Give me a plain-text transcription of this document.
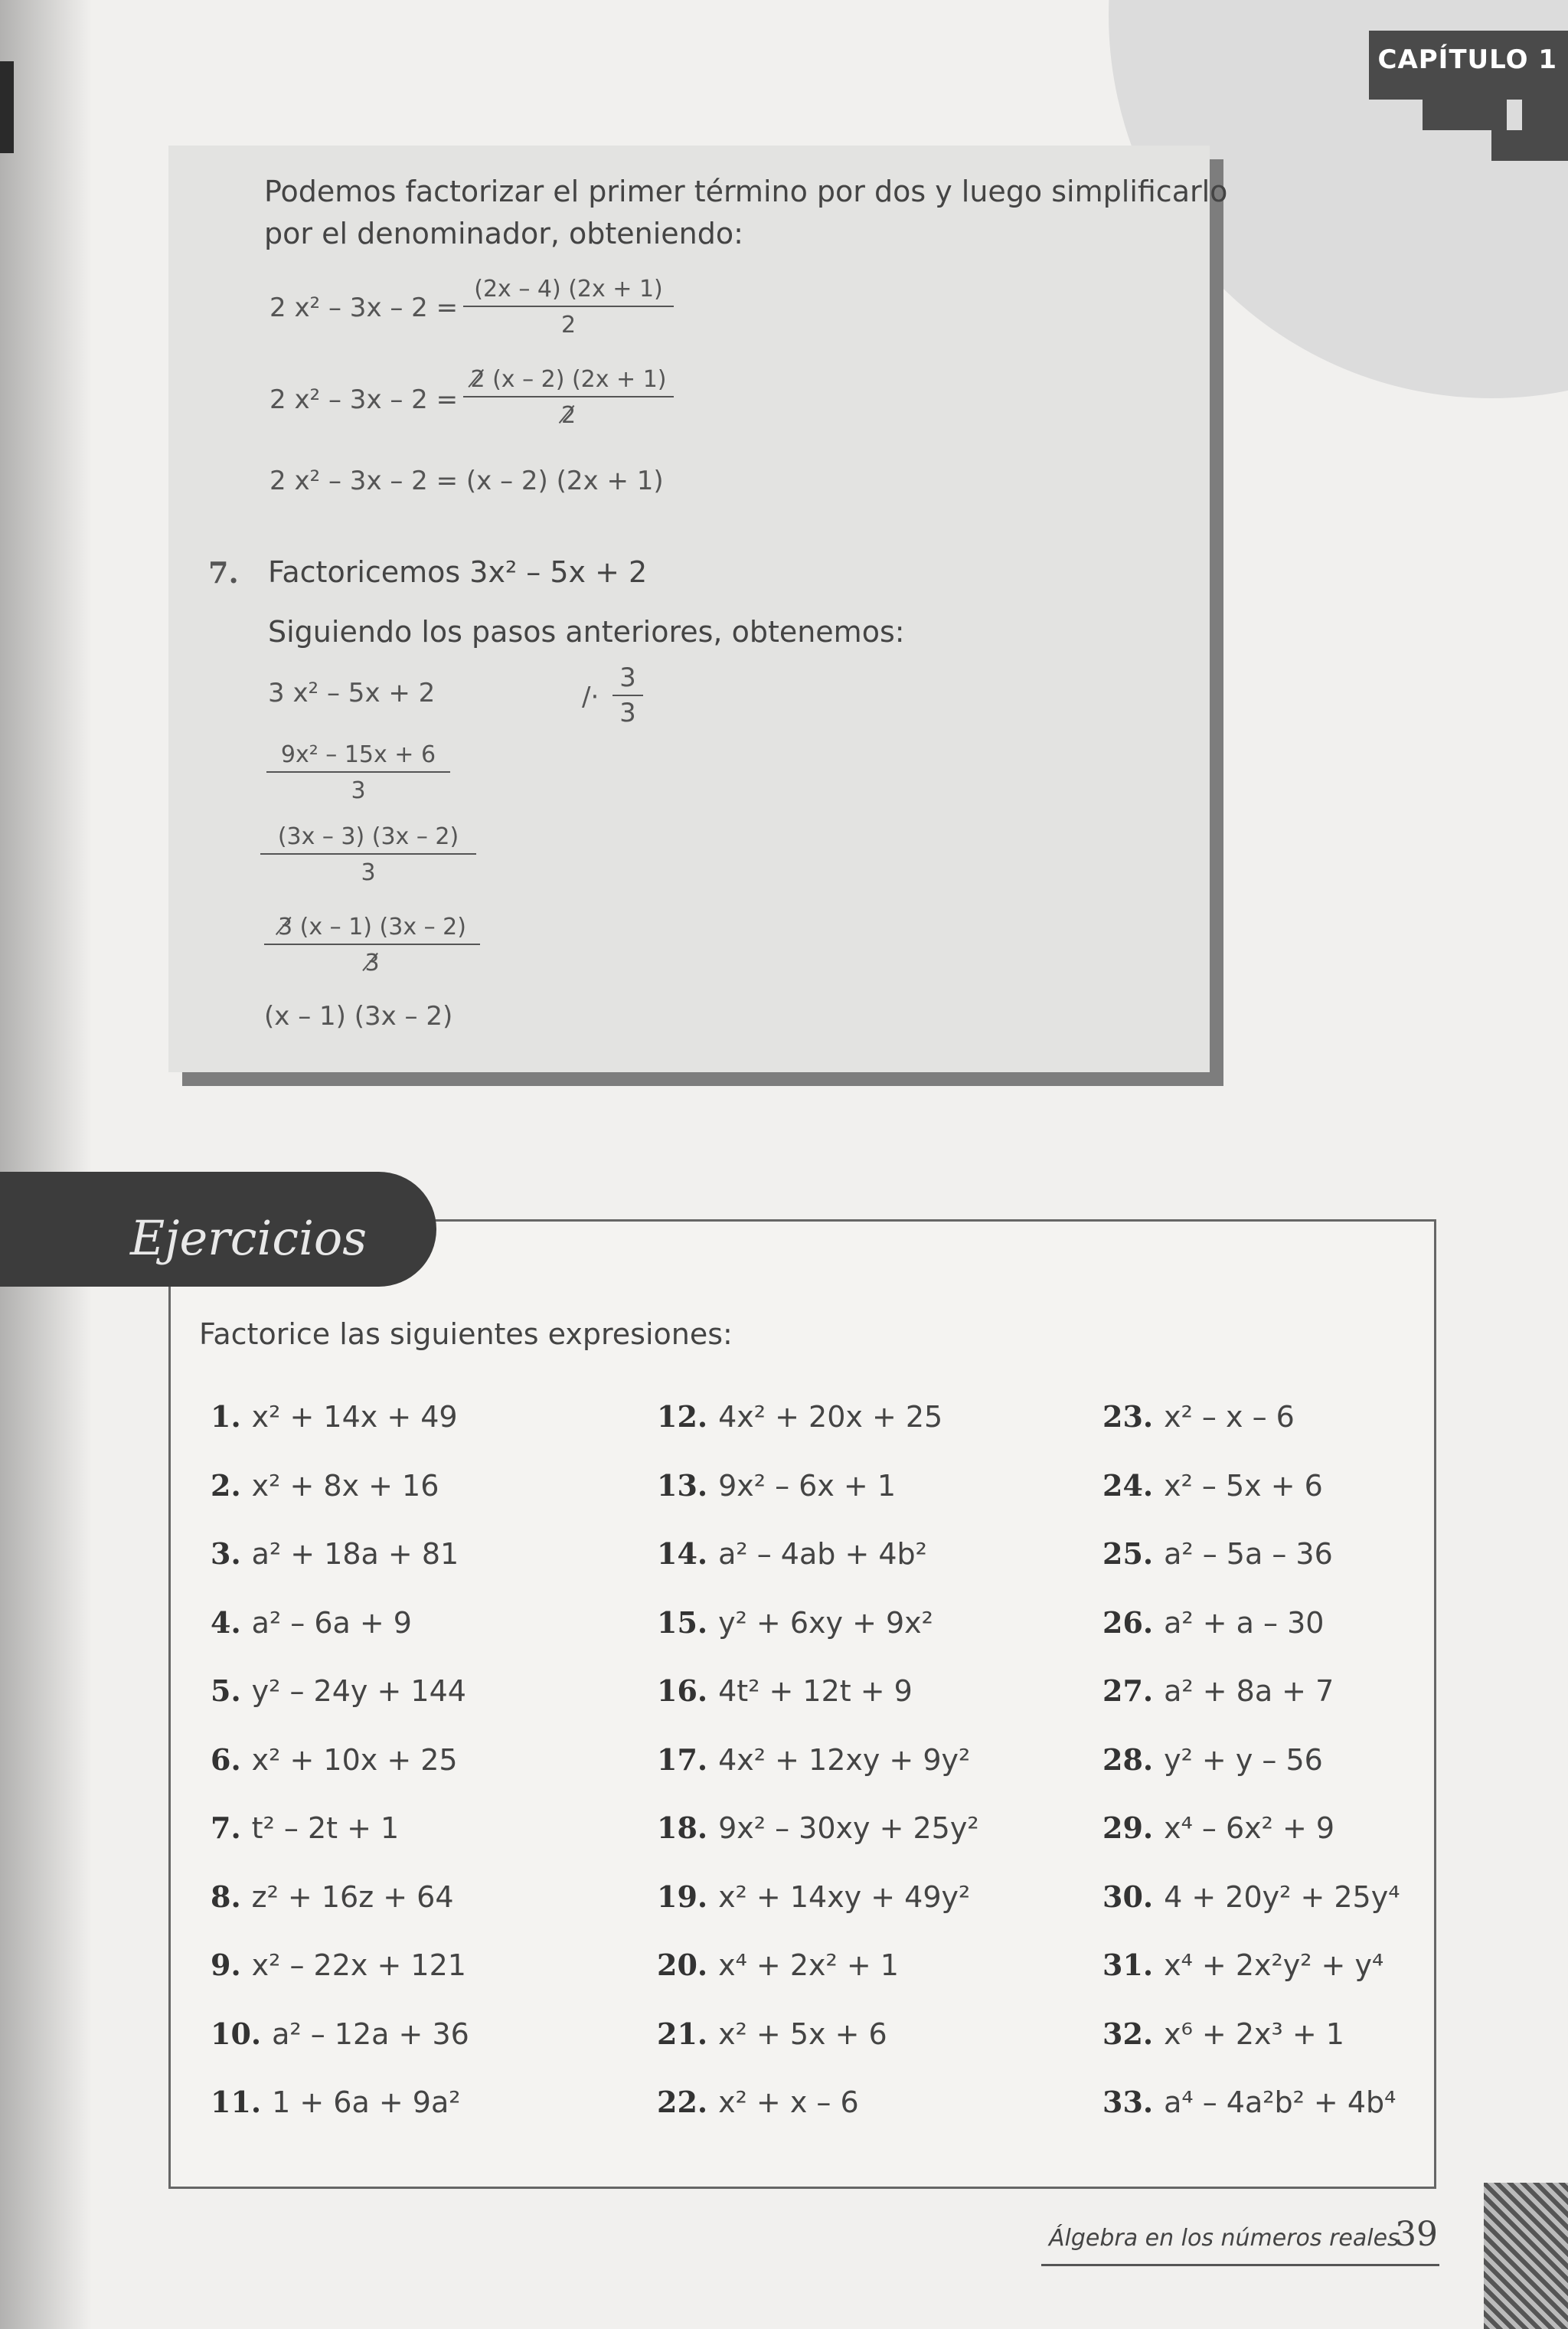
CAPÍTULO 1
Podemos factorizar el primer término por dos y luego simplificarlo
por el denominador, obteniendo:
2 $x^2 - 3x - 2 = \frac{(2x - 4) (2x + 1)}{2}$
2 $x^2 - 3x - 2 = \frac{2̸ (x - 2) (2x + 1)}{2̸}$
2 x² – 3x – 2 = (x – 2) (2x + 1)
7. Factoricemos 3x² – 5x + 2
Siguiendo los pasos anteriores, obtenemos:
3 x² – 5x + 2	/· $\frac{3}{3}$
$\frac{\text{9x² – 15x + 6}}{3}$
$\frac{(3x - 3) (3x - 2)}{3}$
$\frac{3̸ (x - 1) (3x - 2)}{3̸}$
(x – 1) (3x – 2)
Ejercicios
Factorice las siguientes expresiones:
1. x² + 14x + 49
2. x² + 8x + 16
3. a² + 18a + 81
4. a² – 6a + 9
5. y² – 24y + 144
6. x² + 10x + 25
7. t² – 2t + 1
8. z² + 16z + 64
9. x² – 22x + 121
10. a² – 12a + 36
11. 1 + 6a + 9a²
12. 4x² + 20x + 25
13. 9x² – 6x + 1
14. a² – 4ab + 4b²
15. y² + 6xy + 9x²
16. 4t² + 12t + 9
17. 4x² + 12xy + 9y²
18. 9x² – 30xy + 25y²
19. x² + 14xy + 49y²
20. x⁴ + 2x² + 1
21. x² + 5x + 6
22. x² + x – 6
23. x² – x – 6
24. x² – 5x + 6
25. a² – 5a – 36
26. a² + a – 30
27. a² + 8a + 7
28. y² + y – 56
29. x⁴ – 6x² + 9
30. 4 + 20y² + 25y⁴
31. x⁴ + 2x²y² + y⁴
32. x⁶ + 2x³ + 1
33. a⁴ – 4a²b² + 4b⁴
Álgebra en los números reales
39
